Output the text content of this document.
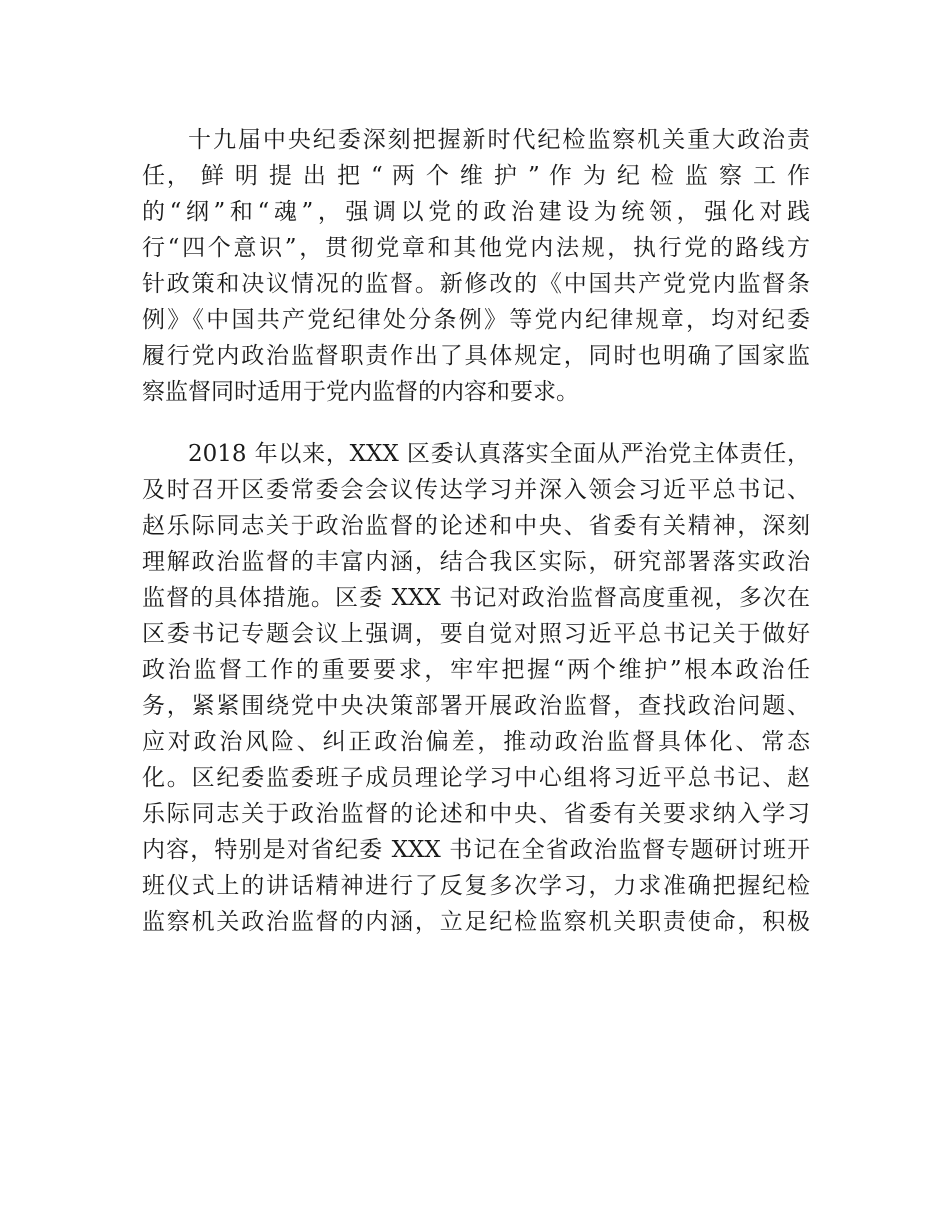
十九届中央纪委深刻把握新时代纪检监察机关重大政治责
任， 鲜 明 提 出 把 “ 两 个 维 护 ” 作 为 纪 检 监 察 工 作
的“纲”和“魂”，强调以党的政治建设为统领，强化对践
行“四个意识”，贯彻党章和其他党内法规，执行党的路线方
针政策和决议情况的监督。新修改的《中国共产党党内监督条
例》《中国共产党纪律处分条例》等党内纪律规章，均对纪委
履行党内政治监督职责作出了具体规定，同时也明确了国家监
察监督同时适用于党内监督的内容和要求。
2018 年以来，XXX 区委认真落实全面从严治党主体责任，
及时召开区委常委会会议传达学习并深入领会习近平总书记、
赵乐际同志关于政治监督的论述和中央、省委有关精神，深刻
理解政治监督的丰富内涵，结合我区实际，研究部署落实政治
监督的具体措施。区委 XXX 书记对政治监督高度重视，多次在
区委书记专题会议上强调，要自觉对照习近平总书记关于做好
政治监督工作的重要要求，牢牢把握“两个维护”根本政治任
务，紧紧围绕党中央决策部署开展政治监督，查找政治问题、
应对政治风险、纠正政治偏差，推动政治监督具体化、常态
化。区纪委监委班子成员理论学习中心组将习近平总书记、赵
乐际同志关于政治监督的论述和中央、省委有关要求纳入学习
内容，特别是对省纪委 XXX 书记在全省政治监督专题研讨班开
班仪式上的讲话精神进行了反复多次学习，力求准确把握纪检
监察机关政治监督的内涵，立足纪检监察机关职责使命，积极
